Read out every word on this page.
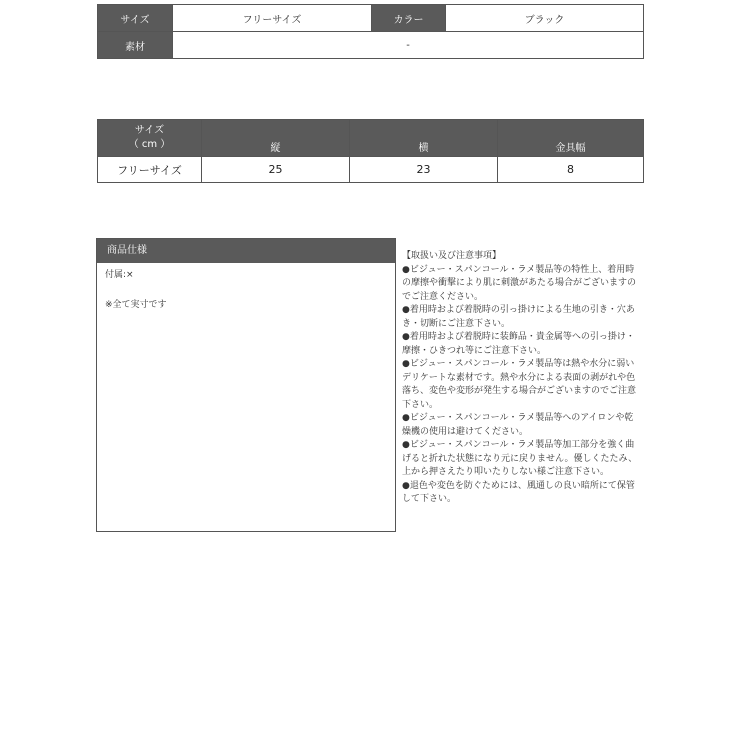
サイズ	フリーサイズ	カラー	ブラック
素材	-		
サイズ
（ cm ）	縦	横	金具幅
フリーサイズ	25	23	8
商品仕様

付属:×

※全て実寸です

【取扱い及び注意事項】

●ビジュー・スパンコール・ラメ製品等の特性上、着用時の摩擦や衝撃により肌に刺激があたる場合がございますのでご注意ください。

●着用時および着脱時の引っ掛けによる生地の引き・穴あき・切断にご注意下さい。

●着用時および着脱時に装飾品・貴金属等への引っ掛け・摩擦・ひきつれ等にご注意下さい。

●ビジュー・スパンコール・ラメ製品等は熱や水分に弱いデリケートな素材です。熱や水分による表面の剥がれや色落ち、変色や変形が発生する場合がございますのでご注意下さい。

●ビジュー・スパンコール・ラメ製品等へのアイロンや乾燥機の使用は避けてください。

●ビジュー・スパンコール・ラメ製品等加工部分を強く曲げると折れた状態になり元に戻りません。優しくたたみ、上から押さえたり叩いたりしない様ご注意下さい。

●退色や変色を防ぐためには、風通しの良い暗所にて保管して下さい。
